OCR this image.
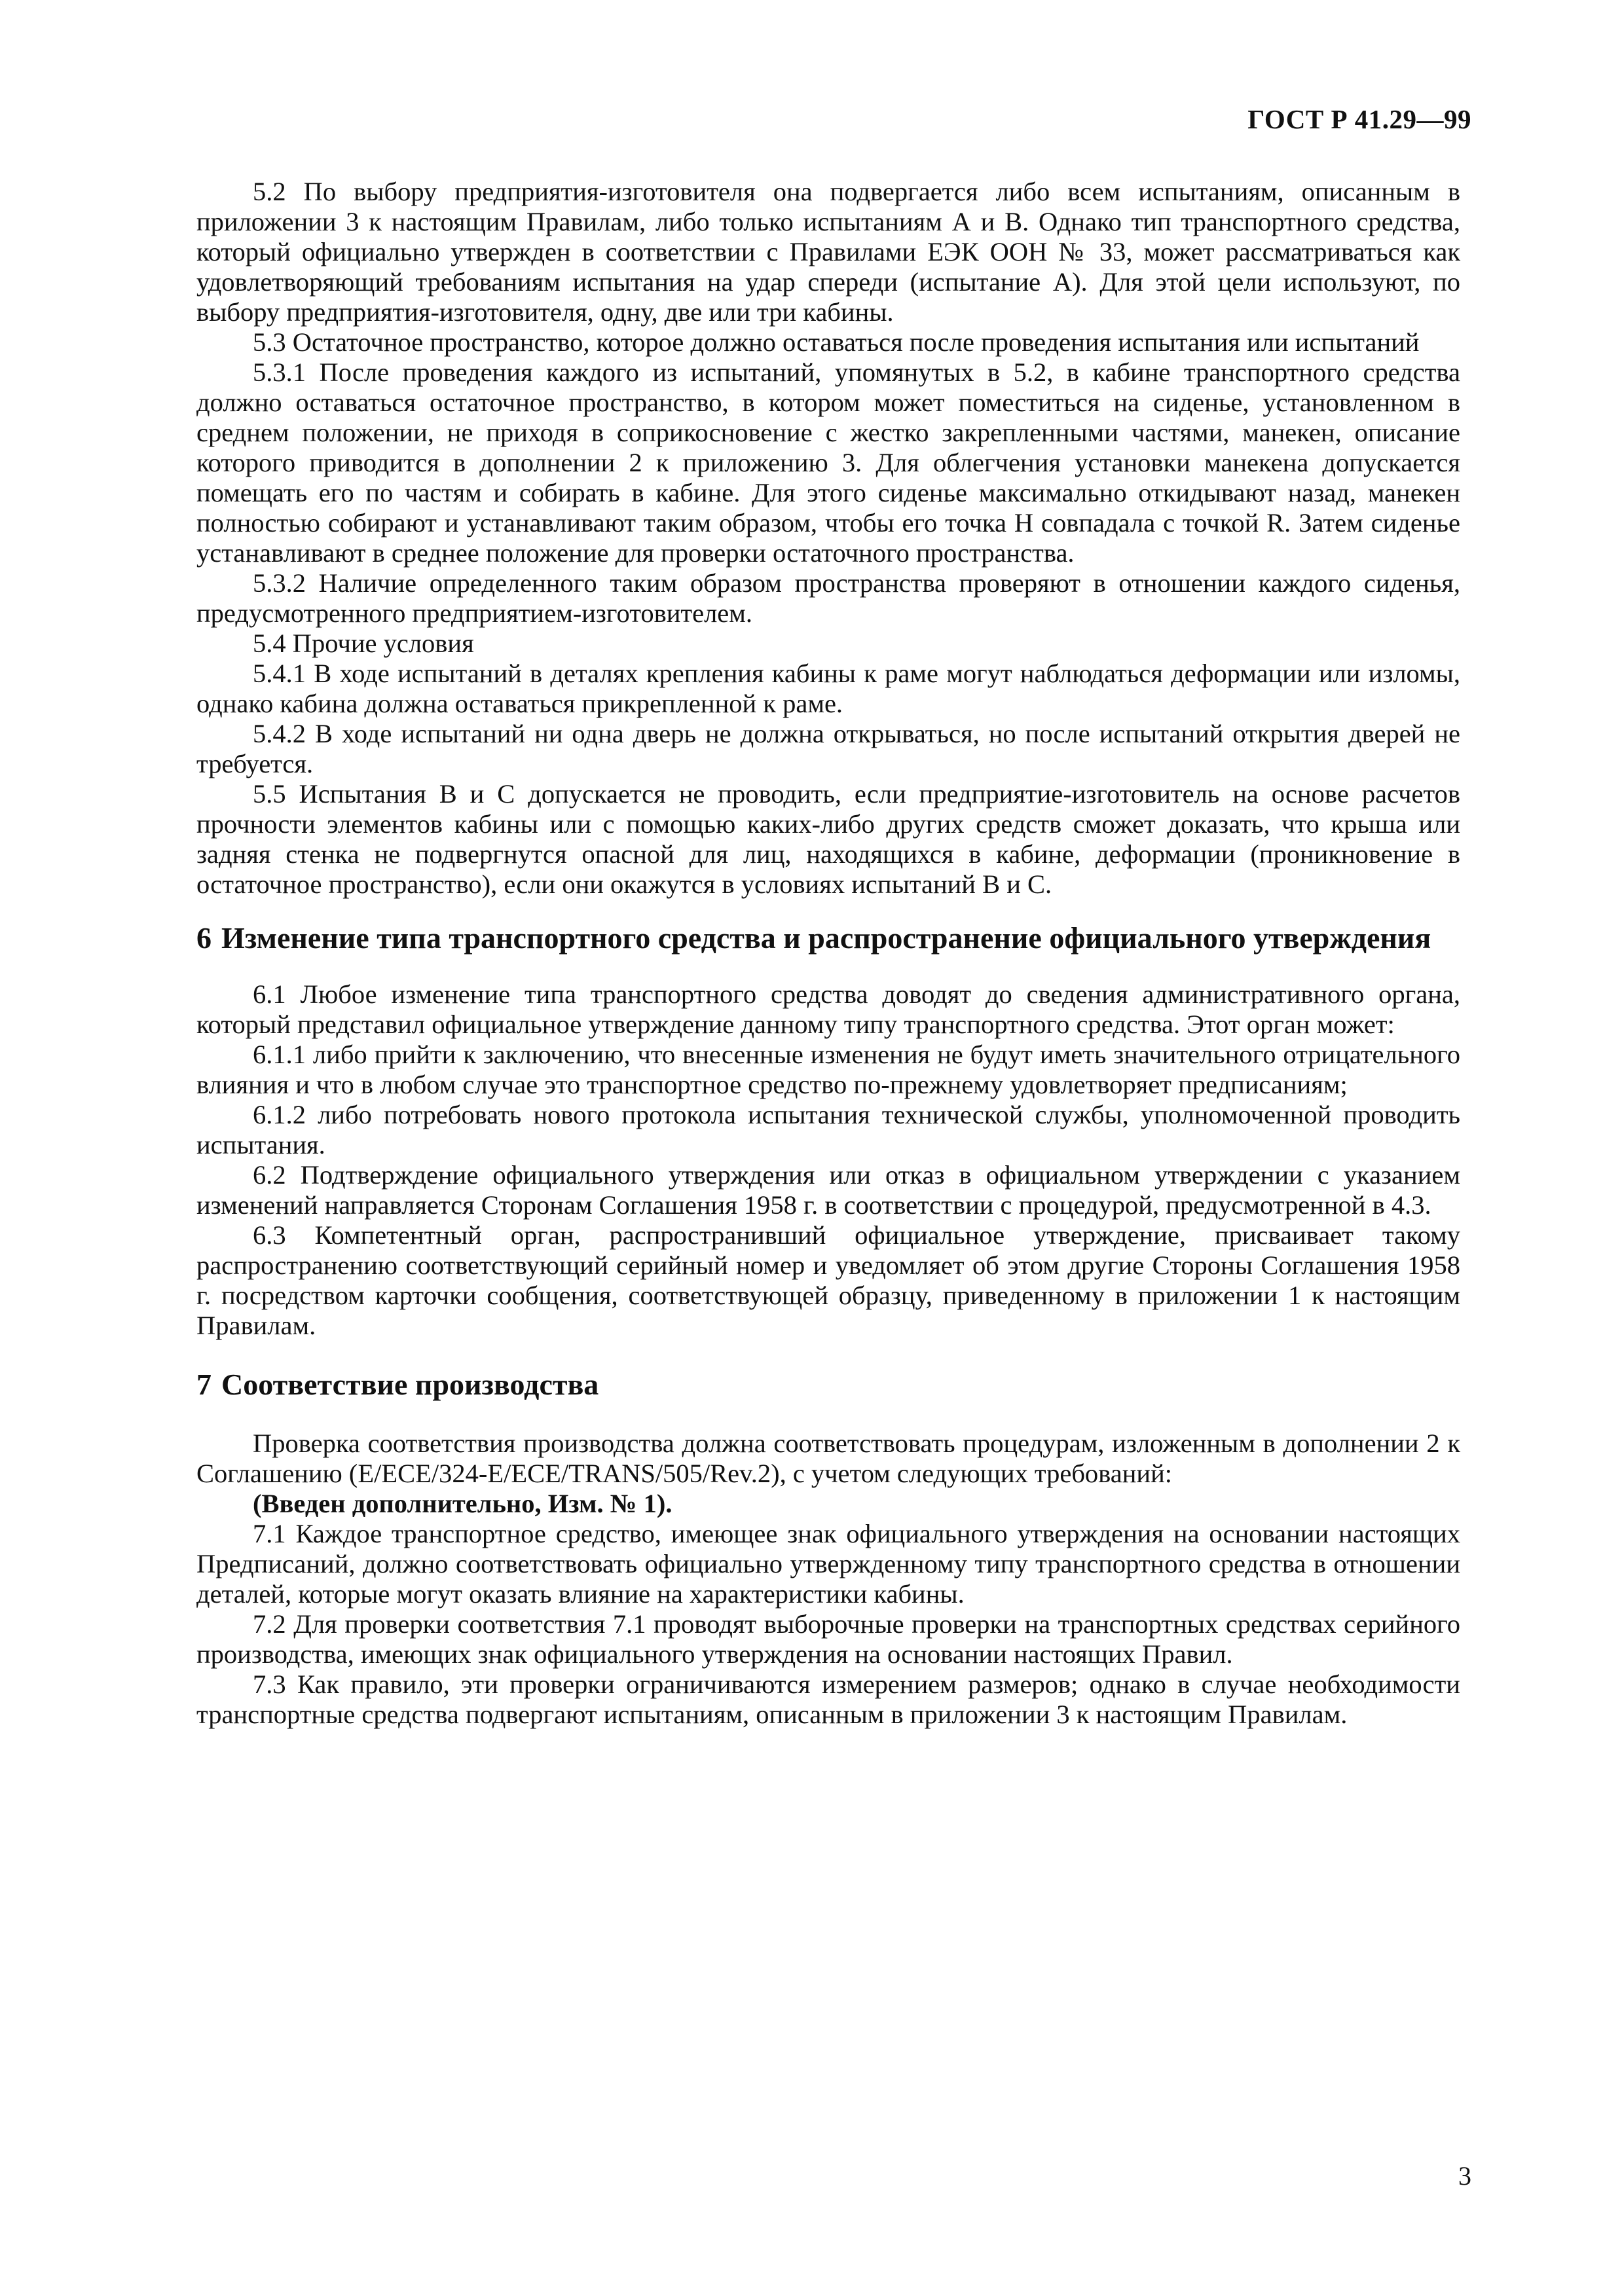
ГОСТ Р 41.29—99

5.2 По выбору предприятия-изготовителя она подвергается либо всем испытаниям, описанным в приложении 3 к настоящим Правилам, либо только испытаниям А и В. Однако тип транспортного средства, который официально утвержден в соответствии с Правилами ЕЭК ООН № 33, может рассматриваться как удовлетворяющий требованиям испытания на удар спереди (испытание А). Для этой цели используют, по выбору предприятия-изготовителя, одну, две или три кабины.

5.3 Остаточное пространство, которое должно оставаться после проведения испытания или испытаний

5.3.1 После проведения каждого из испытаний, упомянутых в 5.2, в кабине транспортного средства должно оставаться остаточное пространство, в котором может поместиться на сиденье, установленном в среднем положении, не приходя в соприкосновение с жестко закрепленными частями, манекен, описание которого приводится в дополнении 2 к приложению 3. Для облегчения установки манекена допускается помещать его по частям и собирать в кабине. Для этого сиденье максимально откидывают назад, манекен полностью собирают и устанавливают таким образом, чтобы его точка H совпадала с точкой R. Затем сиденье устанавливают в среднее положение для проверки остаточного пространства.

5.3.2 Наличие определенного таким образом пространства проверяют в отношении каждого сиденья, предусмотренного предприятием-изготовителем.

5.4 Прочие условия

5.4.1 В ходе испытаний в деталях крепления кабины к раме могут наблюдаться деформации или изломы, однако кабина должна оставаться прикрепленной к раме.

5.4.2 В ходе испытаний ни одна дверь не должна открываться, но после испытаний открытия дверей не требуется.

5.5 Испытания В и С допускается не проводить, если предприятие-изготовитель на основе расчетов прочности элементов кабины или с помощью каких-либо других средств сможет доказать, что крыша или задняя стенка не подвергнутся опасной для лиц, находящихся в кабине, деформации (проникновение в остаточное пространство), если они окажутся в условиях испытаний В и С.

6 Изменение типа транспортного средства и распространение официального утверждения

6.1 Любое изменение типа транспортного средства доводят до сведения административного органа, который представил официальное утверждение данному типу транспортного средства. Этот орган может:

6.1.1 либо прийти к заключению, что внесенные изменения не будут иметь значительного отрицательного влияния и что в любом случае это транспортное средство по-прежнему удовлетворяет предписаниям;

6.1.2 либо потребовать нового протокола испытания технической службы, уполномоченной проводить испытания.

6.2 Подтверждение официального утверждения или отказ в официальном утверждении с указанием изменений направляется Сторонам Соглашения 1958 г. в соответствии с процедурой, предусмотренной в 4.3.

6.3 Компетентный орган, распространивший официальное утверждение, присваивает такому распространению соответствующий серийный номер и уведомляет об этом другие Стороны Соглашения 1958 г. посредством карточки сообщения, соответствующей образцу, приведенному в приложении 1 к настоящим Правилам.

7 Соответствие производства

Проверка соответствия производства должна соответствовать процедурам, изложенным в дополнении 2 к Соглашению (E/ECE/324-E/ECE/TRANS/505/Rev.2), с учетом следующих требований:

(Введен дополнительно, Изм. № 1).

7.1 Каждое транспортное средство, имеющее знак официального утверждения на основании настоящих Предписаний, должно соответствовать официально утвержденному типу транспортного средства в отношении деталей, которые могут оказать влияние на характеристики кабины.

7.2 Для проверки соответствия 7.1 проводят выборочные проверки на транспортных средствах серийного производства, имеющих знак официального утверждения на основании настоящих Правил.

7.3 Как правило, эти проверки ограничиваются измерением размеров; однако в случае необходимости транспортные средства подвергают испытаниям, описанным в приложении 3 к настоящим Правилам.

3
